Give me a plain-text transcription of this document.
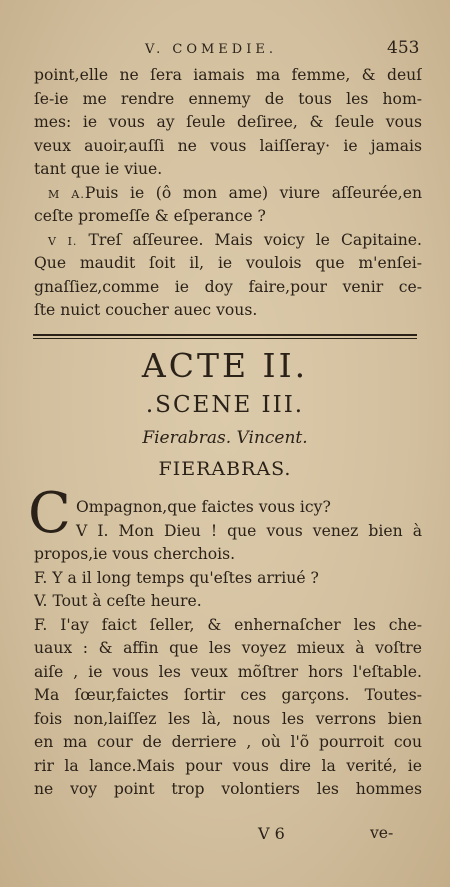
V. COMEDIE.	453
point,elle ne ſera iamais ma femme, & deuſ
ſe-ie me rendre ennemy de tous les hom-
mes: ie vous ay ſeule deſiree, & ſeule vous
veux auoir,auſſi ne vous laiſſeray· ie jamais
tant que ie viue.
M A.Puis ie (ô mon ame) viure aſſeurée,en
ceſte promeſſe & eſperance ?
V I. Treſ aſſeuree. Mais voicy le Capitaine.
Que maudit ſoit il, ie voulois que m'enſei-
gnaſſiez,comme ie doy faire,pour venir ce-
ſte nuict coucher auec vous.
ACTE II.
.SCENE III.
Fierabras. Vincent.
FIERABRAS.
C Ompagnon,que faictes vous icy?
V I. Mon Dieu ! que vous venez bien à
propos,ie vous cherchois.
F. Y a il long temps qu'eſtes arriué ?
V. Tout à ceſte heure.
F. I'ay faict ſeller, & enhernaſcher les che-
uaux : & affin que les voyez mieux à voſtre
aiſe , ie vous les veux mõſtrer hors l'eſtable.
Ma ſœur,faictes ſortir ces garçons. Toutes-
fois non,laiſſez les là, nous les verrons bien
en ma cour de derriere , où l'õ pourroit cou
rir la lance.Mais pour vous dire la verité, ie
ne voy point trop volontiers les hommes
V 6	ve-
